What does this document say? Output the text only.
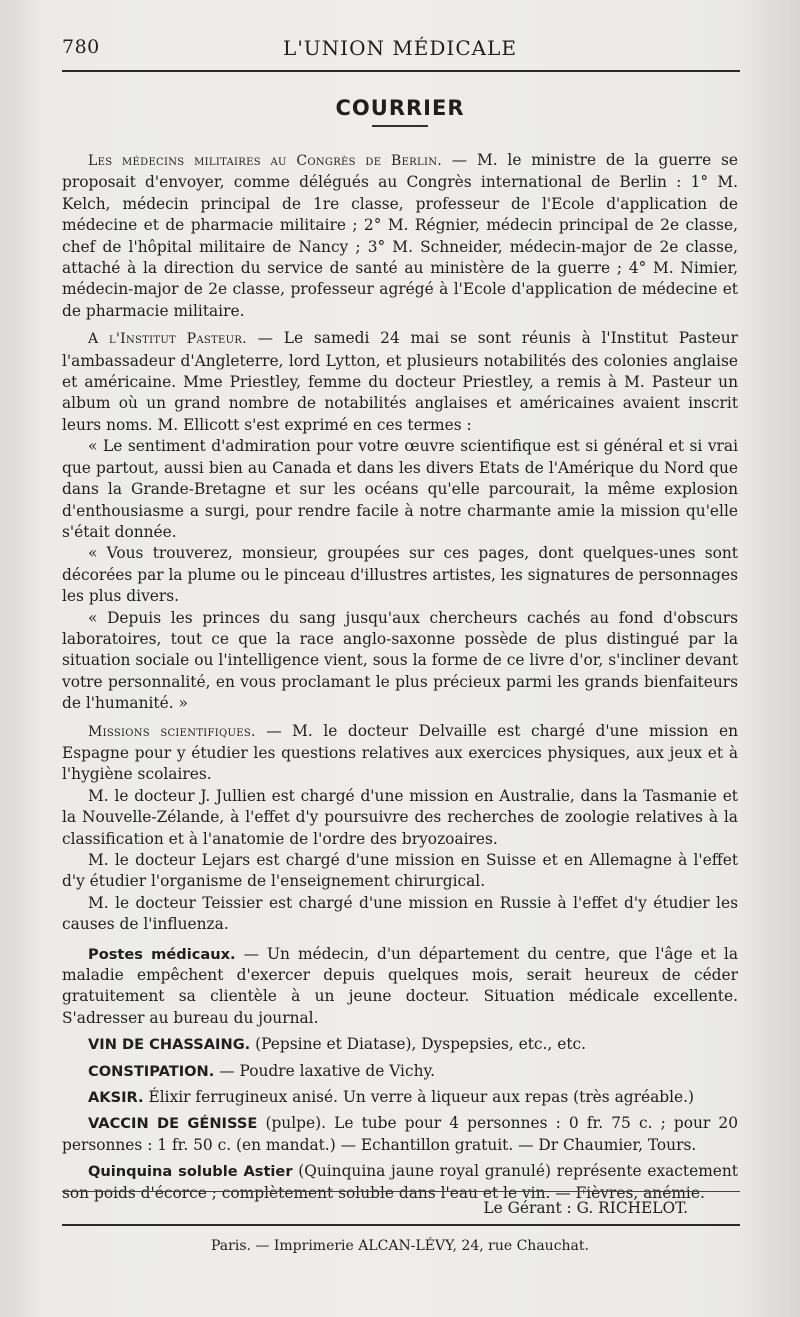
780	L'UNION MÉDICALE
COURRIER

Les médecins militaires au Congrès de Berlin. — M. le ministre de la guerre se proposait d'envoyer, comme délégués au Congrès international de Berlin : 1° M. Kelch, médecin principal de 1re classe, professeur de l'Ecole d'application de médecine et de pharmacie militaire ; 2° M. Régnier, médecin principal de 2e classe, chef de l'hôpital militaire de Nancy ; 3° M. Schneider, médecin-major de 2e classe, attaché à la direction du service de santé au ministère de la guerre ; 4° M. Nimier, médecin-major de 2e classe, professeur agrégé à l'Ecole d'application de médecine et de pharmacie militaire.

A l'Institut Pasteur. — Le samedi 24 mai se sont réunis à l'Institut Pasteur l'ambassadeur d'Angleterre, lord Lytton, et plusieurs notabilités des colonies anglaise et américaine. Mme Priestley, femme du docteur Priestley, a remis à M. Pasteur un album où un grand nombre de notabilités anglaises et américaines avaient inscrit leurs noms. M. Ellicott s'est exprimé en ces termes :

« Le sentiment d'admiration pour votre œuvre scientifique est si général et si vrai que partout, aussi bien au Canada et dans les divers Etats de l'Amérique du Nord que dans la Grande-Bretagne et sur les océans qu'elle parcourait, la même explosion d'enthousiasme a surgi, pour rendre facile à notre charmante amie la mission qu'elle s'était donnée.

« Vous trouverez, monsieur, groupées sur ces pages, dont quelques-unes sont décorées par la plume ou le pinceau d'illustres artistes, les signatures de personnages les plus divers.

« Depuis les princes du sang jusqu'aux chercheurs cachés au fond d'obscurs laboratoires, tout ce que la race anglo-saxonne possède de plus distingué par la situation sociale ou l'intelligence vient, sous la forme de ce livre d'or, s'incliner devant votre personnalité, en vous proclamant le plus précieux parmi les grands bienfaiteurs de l'humanité. »

Missions scientifiques. — M. le docteur Delvaille est chargé d'une mission en Espagne pour y étudier les questions relatives aux exercices physiques, aux jeux et à l'hygiène scolaires.

M. le docteur J. Jullien est chargé d'une mission en Australie, dans la Tasmanie et la Nouvelle-Zélande, à l'effet d'y poursuivre des recherches de zoologie relatives à la classification et à l'anatomie de l'ordre des bryozoaires.

M. le docteur Lejars est chargé d'une mission en Suisse et en Allemagne à l'effet d'y étudier l'organisme de l'enseignement chirurgical.

M. le docteur Teissier est chargé d'une mission en Russie à l'effet d'y étudier les causes de l'influenza.

Postes médicaux. — Un médecin, d'un département du centre, que l'âge et la maladie empêchent d'exercer depuis quelques mois, serait heureux de céder gratuitement sa clientèle à un jeune docteur. Situation médicale excellente. S'adresser au bureau du journal.

VIN DE CHASSAING. (Pepsine et Diatase), Dyspepsies, etc., etc.

CONSTIPATION. — Poudre laxative de Vichy.

AKSIR. Élixir ferrugineux anisé. Un verre à liqueur aux repas (très agréable.)

VACCIN DE GÉNISSE (pulpe). Le tube pour 4 personnes : 0 fr. 75 c. ; pour 20 personnes : 1 fr. 50 c. (en mandat.) — Echantillon gratuit. — Dr Chaumier, Tours.

Quinquina soluble Astier (Quinquina jaune royal granulé) représente exactement son poids d'écorce ; complètement soluble dans l'eau et le vin. — Fièvres, anémie.

Le Gérant : G. RICHELOT.
Paris. — Imprimerie ALCAN-LÉVY, 24, rue Chauchat.
